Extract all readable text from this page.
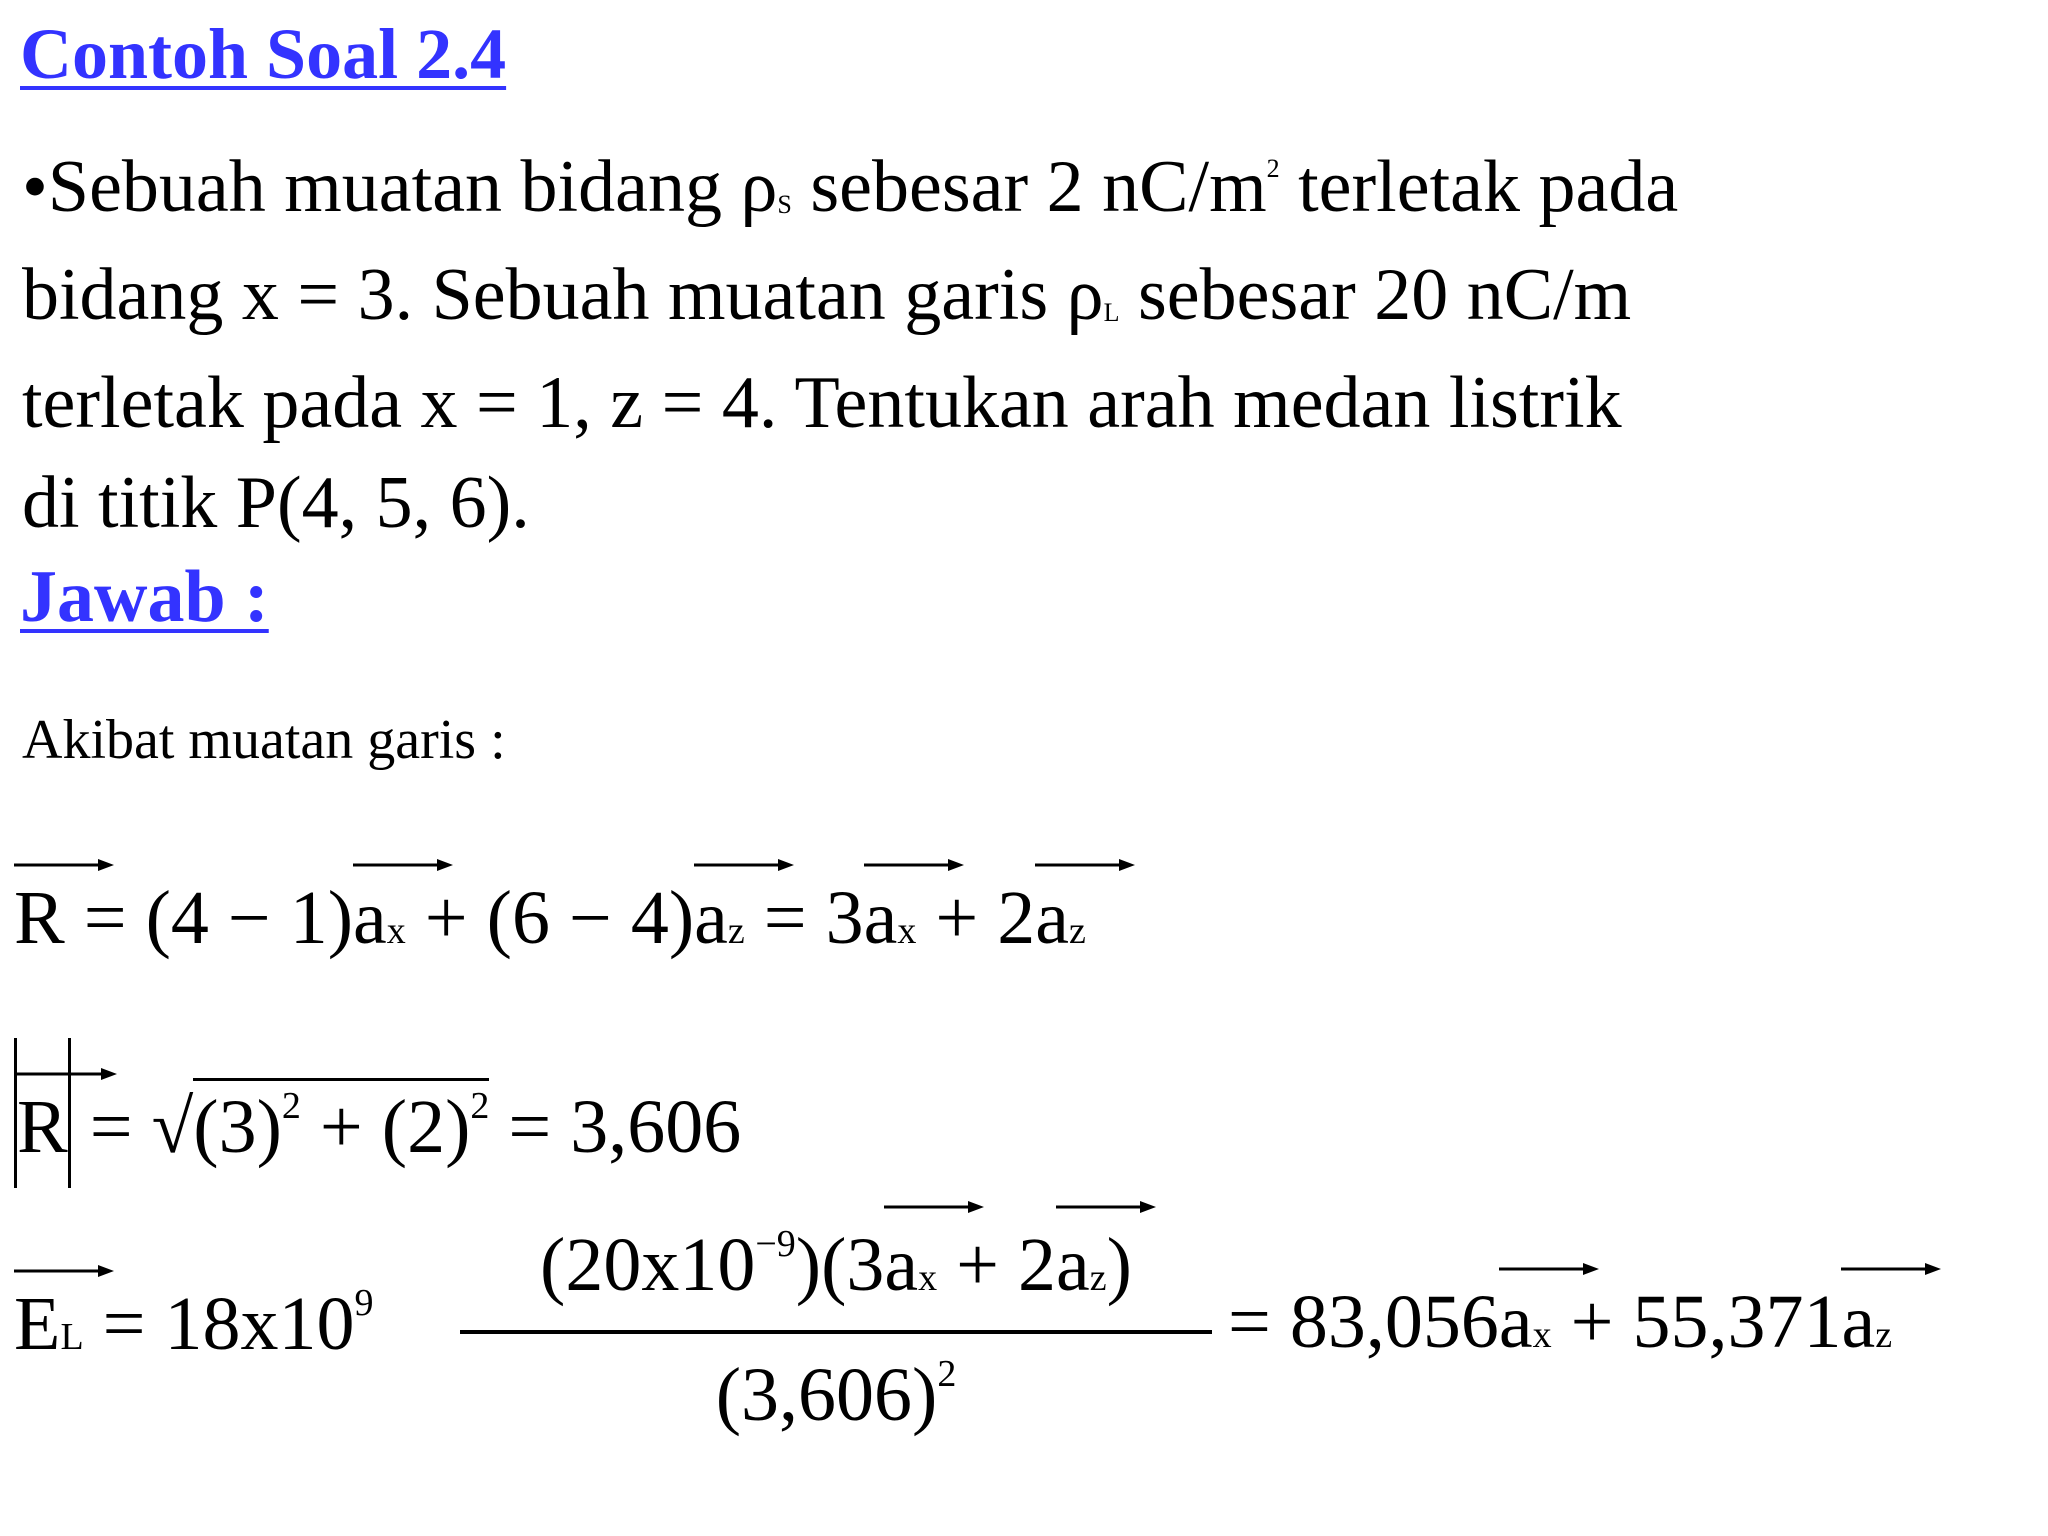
Contoh Soal 2.4
•Sebuah muatan bidang ρS sebesar 2 $nC/m^2$ terletak pada
bidang x = 3. Sebuah muatan garis ρL sebesar 20 nC/m
terletak pada x = 1, z = 4. Tentukan arah medan listrik
di titik P(4, 5, 6).
Jawab :
Akibat muatan garis :
R
= (4 − 1)a
x + (6 − 4)a
z = 3a
x + 2a
z
R
= $√(3)^2 + (2)^2 = 3,606$
E
$L = 18x10^9$	$(20x10^{-9})(3a$
x + 2a
z)
$(3,606)^2$
= 83,056a
x + 55,371a
z
